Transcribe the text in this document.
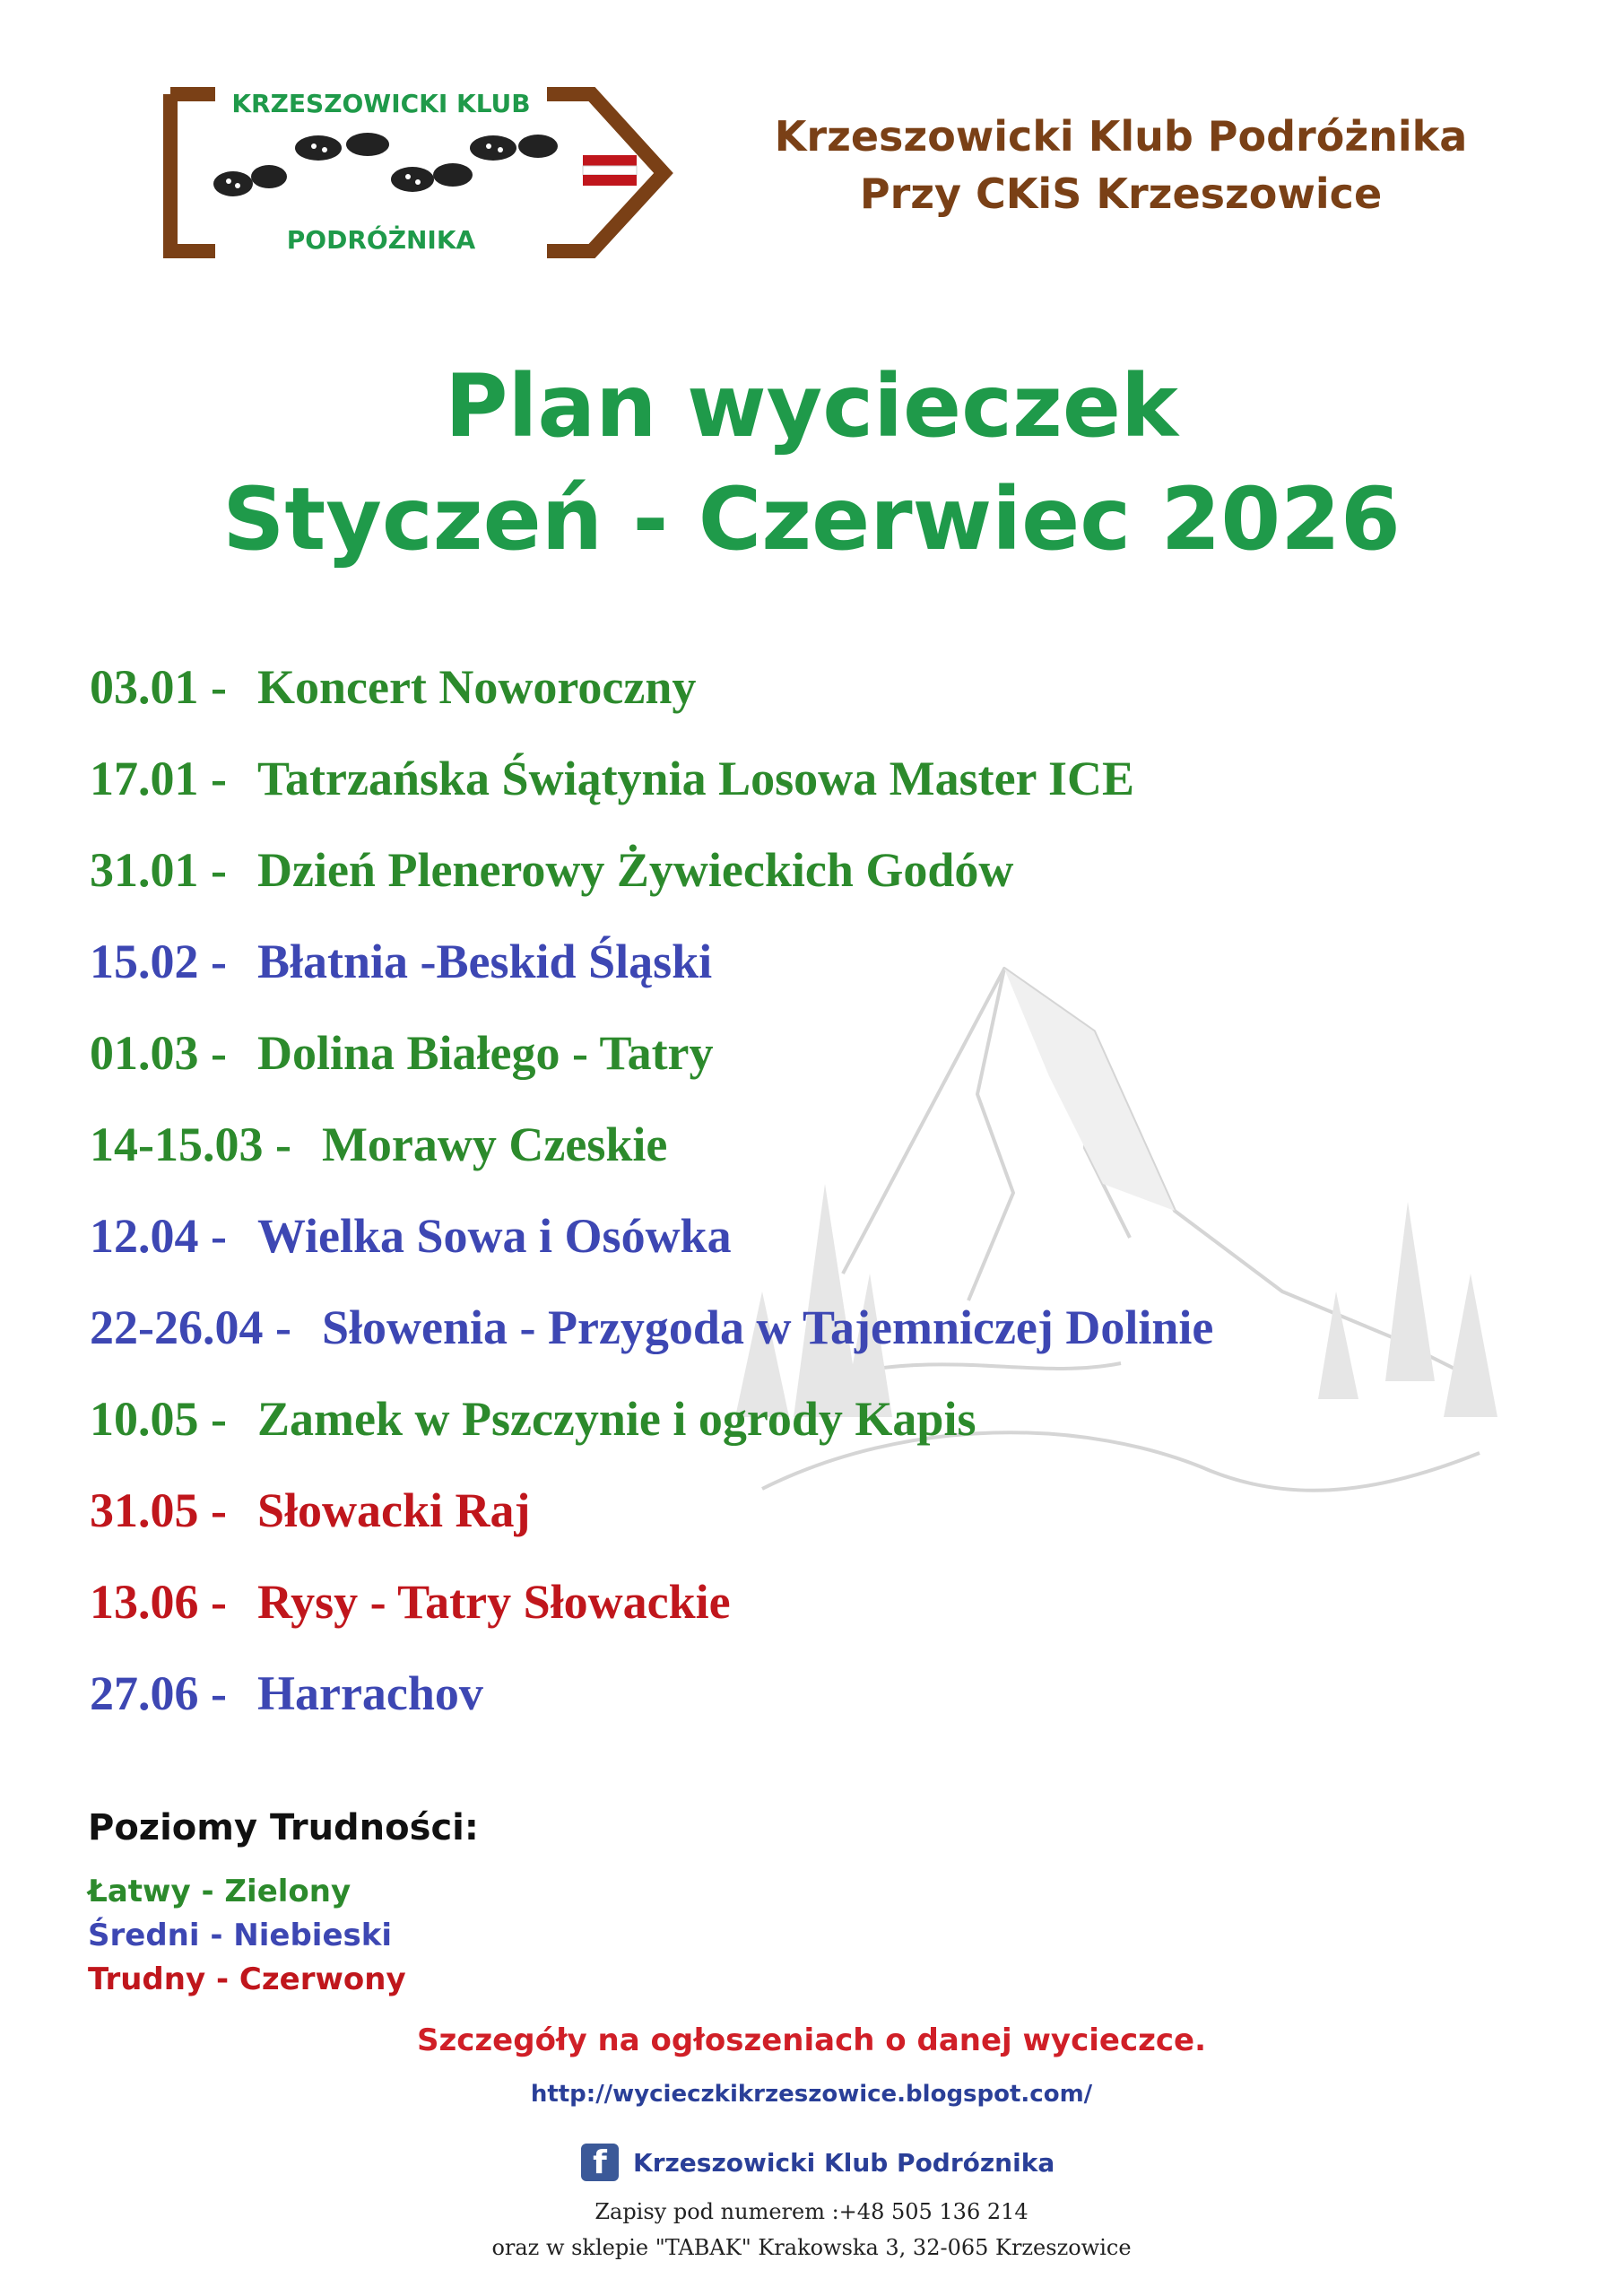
KRZESZOWICKI KLUB
PODRÓŻNIKA
Krzeszowicki Klub Podróżnika
Przy CKiS Krzeszowice
Plan wycieczek
Styczeń - Czerwiec 2026
03.01 - Koncert Noworoczny
17.01 - Tatrzańska Świątynia Losowa Master ICE
31.01 - Dzień Plenerowy Żywieckich Godów
15.02 - Błatnia -Beskid Śląski
01.03 - Dolina Białego - Tatry
14-15.03 - Morawy Czeskie
12.04 - Wielka Sowa i Osówka
22-26.04 - Słowenia - Przygoda w Tajemniczej Dolinie
10.05 - Zamek w Pszczynie i ogrody Kapis
31.05 - Słowacki Raj
13.06 - Rysy - Tatry Słowackie
27.06 - Harrachov
Poziomy Trudności:
Łatwy - Zielony
Średni - Niebieski
Trudny - Czerwony
Szczegóły na ogłoszeniach o danej wycieczce.
http://wycieczkikrzeszowice.blogspot.com/
f	Krzeszowicki Klub Podróznika
Zapisy pod numerem :+48 505 136 214
oraz w sklepie "TABAK" Krakowska 3, 32-065 Krzeszowice
